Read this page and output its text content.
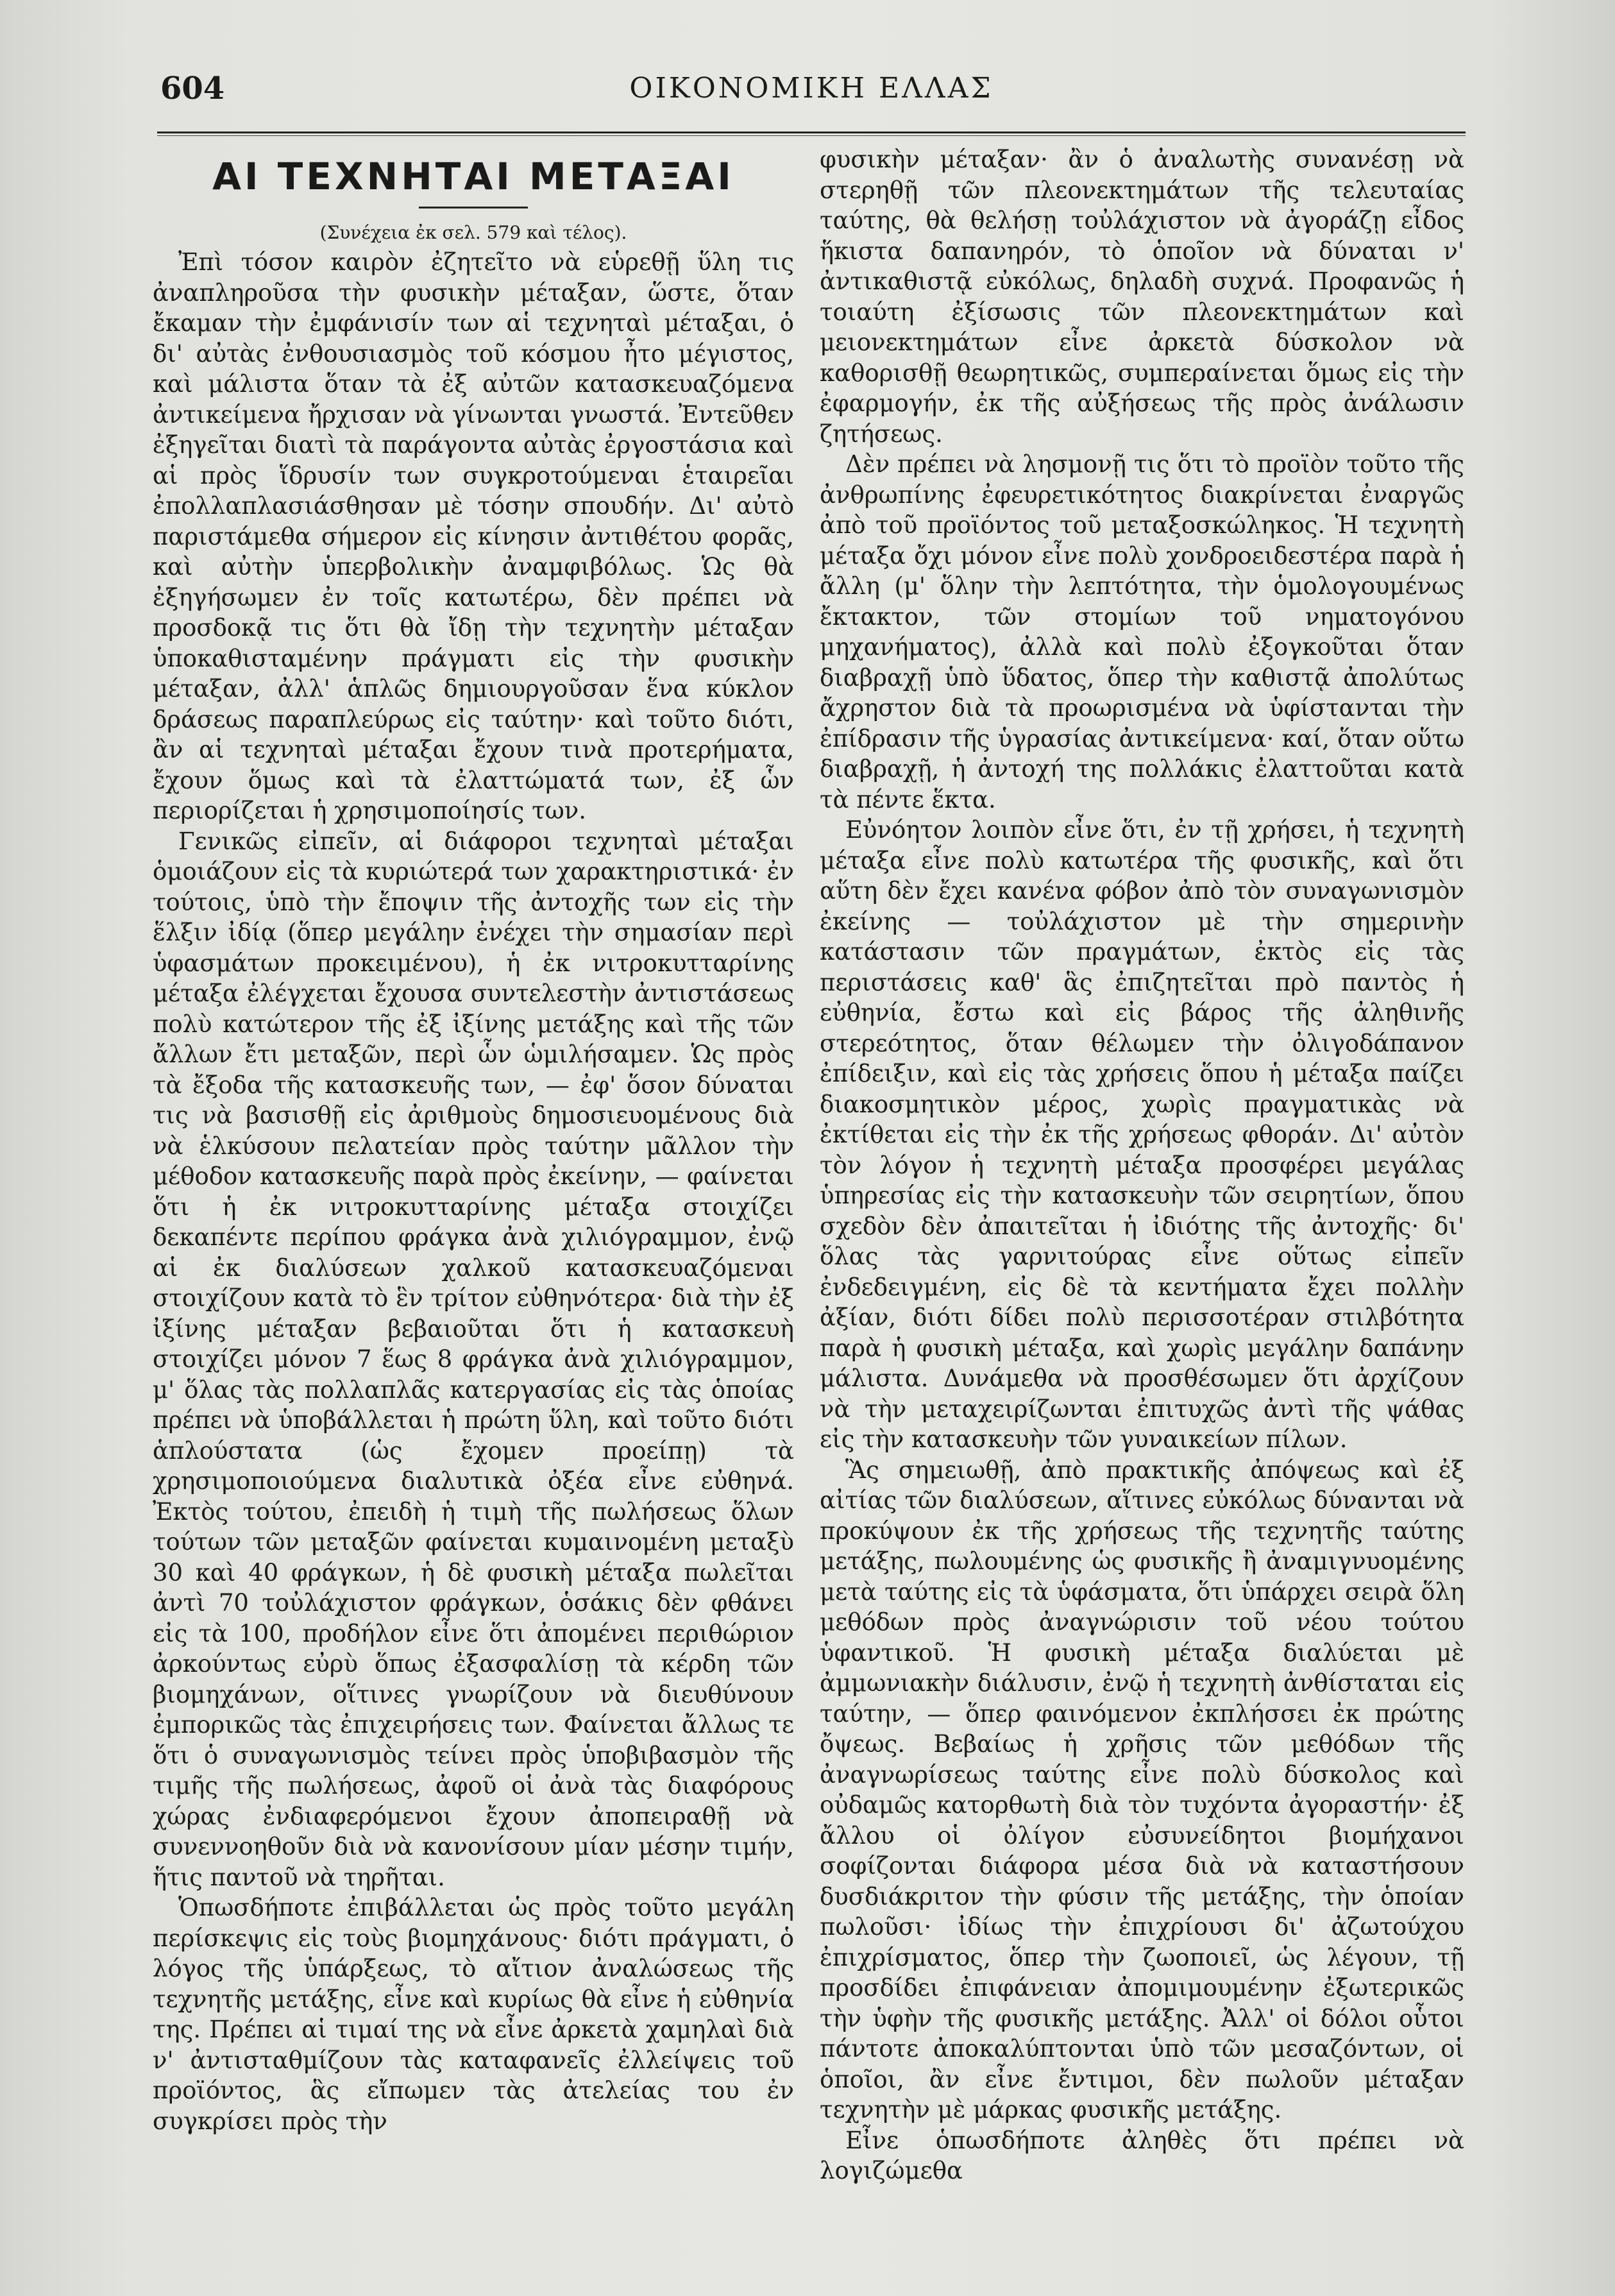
604	ΟΙΚΟΝΟΜΙΚΗ ΕΛΛΑΣ
ΑΙ ΤΕΧΝΗΤΑΙ ΜΕΤΑΞΑΙ
(Συνέχεια ἐκ σελ. 579 καὶ τέλος).

Ἐπὶ τόσον καιρὸν ἐζητεῖτο νὰ εὑρεθῇ ὕλη τις ἀναπληροῦσα τὴν φυσικὴν μέταξαν, ὥστε, ὅταν ἔκαμαν τὴν ἐμφάνισίν των αἱ τεχνηταὶ μέταξαι, ὁ δι' αὐτὰς ἐνθουσιασμὸς τοῦ κόσμου ἦτο μέγιστος, καὶ μάλιστα ὅταν τὰ ἐξ αὐτῶν κατασκευαζόμενα ἀντικείμενα ἤρχισαν νὰ γίνωνται γνωστά. Ἐντεῦθεν ἐξηγεῖται διατὶ τὰ παράγοντα αὐτὰς ἐργοστάσια καὶ αἱ πρὸς ἵδρυσίν των συγκροτούμεναι ἑταιρεῖαι ἐπολλαπλασιάσθησαν μὲ τόσην σπουδήν. Δι' αὐτὸ παριστάμεθα σήμερον εἰς κίνησιν ἀντιθέτου φορᾶς, καὶ αὐτὴν ὑπερβολικὴν ἀναμφιβόλως. Ὡς θὰ ἐξηγήσωμεν ἐν τοῖς κατωτέρω, δὲν πρέπει νὰ προσδοκᾷ τις ὅτι θὰ ἴδῃ τὴν τεχνητὴν μέταξαν ὑποκαθισταμένην πράγματι εἰς τὴν φυσικὴν μέταξαν, ἀλλ' ἁπλῶς δημιουργοῦσαν ἕνα κύκλον δράσεως παραπλεύρως εἰς ταύτην· καὶ τοῦτο διότι, ἂν αἱ τεχνηταὶ μέταξαι ἔχουν τινὰ προτερήματα, ἔχουν ὅμως καὶ τὰ ἐλαττώματά των, ἐξ ὧν περιορίζεται ἡ χρησιμοποίησίς των.

Γενικῶς εἰπεῖν, αἱ διάφοροι τεχνηταὶ μέταξαι ὁμοιάζουν εἰς τὰ κυριώτερά των χαρακτηριστικά· ἐν τούτοις, ὑπὸ τὴν ἔποψιν τῆς ἀντοχῆς των εἰς τὴν ἕλξιν ἰδίᾳ (ὅπερ μεγάλην ἐνέχει τὴν σημασίαν περὶ ὑφασμάτων προκειμένου), ἡ ἐκ νιτροκυτταρίνης μέταξα ἐλέγχεται ἔχουσα συντελεστὴν ἀντιστάσεως πολὺ κατώτερον τῆς ἐξ ἰξίνης μετάξης καὶ τῆς τῶν ἄλλων ἔτι μεταξῶν, περὶ ὧν ὡμιλήσαμεν. Ὡς πρὸς τὰ ἔξοδα τῆς κατασκευῆς των, — ἐφ' ὅσον δύναται τις νὰ βασισθῇ εἰς ἀριθμοὺς δημοσιευομένους διὰ νὰ ἑλκύσουν πελατείαν πρὸς ταύτην μᾶλλον τὴν μέθοδον κατασκευῆς παρὰ πρὸς ἐκείνην, — φαίνεται ὅτι ἡ ἐκ νιτροκυτταρίνης μέταξα στοιχίζει δεκαπέντε περίπου φράγκα ἀνὰ χιλιόγραμμον, ἐνῷ αἱ ἐκ διαλύσεων χαλκοῦ κατασκευαζόμεναι στοιχίζουν κατὰ τὸ ἓν τρίτον εὐθηνότερα· διὰ τὴν ἐξ ἰξίνης μέταξαν βεβαιοῦται ὅτι ἡ κατασκευὴ στοιχίζει μόνον 7 ἕως 8 φράγκα ἀνὰ χιλιόγραμμον, μ' ὅλας τὰς πολλαπλᾶς κατεργασίας εἰς τὰς ὁποίας πρέπει νὰ ὑποβάλλεται ἡ πρώτη ὕλη, καὶ τοῦτο διότι ἁπλούστατα (ὡς ἔχομεν προείπῃ) τὰ χρησιμοποιούμενα διαλυτικὰ ὀξέα εἶνε εὐθηνά. Ἐκτὸς τούτου, ἐπειδὴ ἡ τιμὴ τῆς πωλήσεως ὅλων τούτων τῶν μεταξῶν φαίνεται κυμαινομένη μεταξὺ 30 καὶ 40 φράγκων, ἡ δὲ φυσικὴ μέταξα πωλεῖται ἀντὶ 70 τοὐλάχιστον φράγκων, ὁσάκις δὲν φθάνει εἰς τὰ 100, προδήλον εἶνε ὅτι ἀπομένει περιθώριον ἀρκούντως εὐρὺ ὅπως ἐξασφαλίσῃ τὰ κέρδη τῶν βιομηχάνων, οἵτινες γνωρίζουν νὰ διευθύνουν ἐμπορικῶς τὰς ἐπιχειρήσεις των. Φαίνεται ἄλλως τε ὅτι ὁ συναγωνισμὸς τείνει πρὸς ὑποβιβασμὸν τῆς τιμῆς τῆς πωλήσεως, ἀφοῦ οἱ ἀνὰ τὰς διαφόρους χώρας ἐνδιαφερόμενοι ἔχουν ἀποπειραθῇ νὰ συνεννοηθοῦν διὰ νὰ κανονίσουν μίαν μέσην τιμήν, ἥτις παντοῦ νὰ τηρῆται.

Ὁπωσδήποτε ἐπιβάλλεται ὡς πρὸς τοῦτο μεγάλη περίσκεψις εἰς τοὺς βιομηχάνους· διότι πράγματι, ὁ λόγος τῆς ὑπάρξεως, τὸ αἴτιον ἀναλώσεως τῆς τεχνητῆς μετάξης, εἶνε καὶ κυρίως θὰ εἶνε ἡ εὐθηνία της. Πρέπει αἱ τιμαί της νὰ εἶνε ἀρκετὰ χαμηλαὶ διὰ ν' ἀντισταθμίζουν τὰς καταφανεῖς ἐλλείψεις τοῦ προϊόντος, ἃς εἴπωμεν τὰς ἀτελείας του ἐν συγκρίσει πρὸς τὴν

φυσικὴν μέταξαν· ἂν ὁ ἀναλωτὴς συνανέσῃ νὰ στερηθῇ τῶν πλεονεκτημάτων τῆς τελευταίας ταύτης, θὰ θελήσῃ τοὐλάχιστον νὰ ἀγοράζῃ εἶδος ἥκιστα δαπανηρόν, τὸ ὁποῖον νὰ δύναται ν' ἀντικαθιστᾷ εὐκόλως, δηλαδὴ συχνά. Προφανῶς ἡ τοιαύτη ἐξίσωσις τῶν πλεονεκτημάτων καὶ μειονεκτημάτων εἶνε ἀρκετὰ δύσκολον νὰ καθορισθῇ θεωρητικῶς, συμπεραίνεται ὅμως εἰς τὴν ἐφαρμογήν, ἐκ τῆς αὐξήσεως τῆς πρὸς ἀνάλωσιν ζητήσεως.

Δὲν πρέπει νὰ λησμονῇ τις ὅτι τὸ προϊὸν τοῦτο τῆς ἀνθρωπίνης ἐφευρετικότητος διακρίνεται ἐναργῶς ἀπὸ τοῦ προϊόντος τοῦ μεταξοσκώληκος. Ἡ τεχνητὴ μέταξα ὄχι μόνον εἶνε πολὺ χονδροειδεστέρα παρὰ ἡ ἄλλη (μ' ὅλην τὴν λεπτότητα, τὴν ὁμολογουμένως ἔκτακτον, τῶν στομίων τοῦ νηματογόνου μηχανήματος), ἀλλὰ καὶ πολὺ ἐξογκοῦται ὅταν διαβραχῇ ὑπὸ ὕδατος, ὅπερ τὴν καθιστᾷ ἀπολύτως ἄχρηστον διὰ τὰ προωρισμένα νὰ ὑφίστανται τὴν ἐπίδρασιν τῆς ὑγρασίας ἀντικείμενα· καί, ὅταν οὕτω διαβραχῇ, ἡ ἀντοχή της πολλάκις ἐλαττοῦται κατὰ τὰ πέντε ἕκτα.

Εὐνόητον λοιπὸν εἶνε ὅτι, ἐν τῇ χρήσει, ἡ τεχνητὴ μέταξα εἶνε πολὺ κατωτέρα τῆς φυσικῆς, καὶ ὅτι αὕτη δὲν ἔχει κανένα φόβον ἀπὸ τὸν συναγωνισμὸν ἐκείνης — τοὐλάχιστον μὲ τὴν σημερινὴν κατάστασιν τῶν πραγμάτων, ἐκτὸς εἰς τὰς περιστάσεις καθ' ἃς ἐπιζητεῖται πρὸ παντὸς ἡ εὐθηνία, ἔστω καὶ εἰς βάρος τῆς ἀληθινῆς στερεότητος, ὅταν θέλωμεν τὴν ὀλιγοδάπανον ἐπίδειξιν, καὶ εἰς τὰς χρήσεις ὅπου ἡ μέταξα παίζει διακοσμητικὸν μέρος, χωρὶς πραγματικὰς νὰ ἐκτίθεται εἰς τὴν ἐκ τῆς χρήσεως φθοράν. Δι' αὐτὸν τὸν λόγον ἡ τεχνητὴ μέταξα προσφέρει μεγάλας ὑπηρεσίας εἰς τὴν κατασκευὴν τῶν σειρητίων, ὅπου σχεδὸν δὲν ἀπαιτεῖται ἡ ἰδιότης τῆς ἀντοχῆς· δι' ὅλας τὰς γαρνιτούρας εἶνε οὕτως εἰπεῖν ἐνδεδειγμένη, εἰς δὲ τὰ κεντήματα ἔχει πολλὴν ἀξίαν, διότι δίδει πολὺ περισσοτέραν στιλβότητα παρὰ ἡ φυσικὴ μέταξα, καὶ χωρὶς μεγάλην δαπάνην μάλιστα. Δυνάμεθα νὰ προσθέσωμεν ὅτι ἀρχίζουν νὰ τὴν μεταχειρίζωνται ἐπιτυχῶς ἀντὶ τῆς ψάθας εἰς τὴν κατασκευὴν τῶν γυναικείων πίλων.

Ἃς σημειωθῇ, ἀπὸ πρακτικῆς ἀπόψεως καὶ ἐξ αἰτίας τῶν διαλύσεων, αἵτινες εὐκόλως δύνανται νὰ προκύψουν ἐκ τῆς χρήσεως τῆς τεχνητῆς ταύτης μετάξης, πωλουμένης ὡς φυσικῆς ἢ ἀναμιγνυομένης μετὰ ταύτης εἰς τὰ ὑφάσματα, ὅτι ὑπάρχει σειρὰ ὅλη μεθόδων πρὸς ἀναγνώρισιν τοῦ νέου τούτου ὑφαντικοῦ. Ἡ φυσικὴ μέταξα διαλύεται μὲ ἀμμωνιακὴν διάλυσιν, ἐνῷ ἡ τεχνητὴ ἀνθίσταται εἰς ταύτην, — ὅπερ φαινόμενον ἐκπλήσσει ἐκ πρώτης ὄψεως. Βεβαίως ἡ χρῆσις τῶν μεθόδων τῆς ἀναγνωρίσεως ταύτης εἶνε πολὺ δύσκολος καὶ οὐδαμῶς κατορθωτὴ διὰ τὸν τυχόντα ἀγοραστήν· ἐξ ἄλλου οἱ ὀλίγον εὐσυνείδητοι βιομήχανοι σοφίζονται διάφορα μέσα διὰ νὰ καταστήσουν δυσδιάκριτον τὴν φύσιν τῆς μετάξης, τὴν ὁποίαν πωλοῦσι· ἰδίως τὴν ἐπιχρίουσι δι' ἀζωτούχου ἐπιχρίσματος, ὅπερ τὴν ζωοποιεῖ, ὡς λέγουν, τῇ προσδίδει ἐπιφάνειαν ἀπομιμουμένην ἐξωτερικῶς τὴν ὑφὴν τῆς φυσικῆς μετάξης. Ἀλλ' οἱ δόλοι οὗτοι πάντοτε ἀποκαλύπτονται ὑπὸ τῶν μεσαζόντων, οἱ ὁποῖοι, ἂν εἶνε ἔντιμοι, δὲν πωλοῦν μέταξαν τεχνητὴν μὲ μάρκας φυσικῆς μετάξης.

Εἶνε ὁπωσδήποτε ἀληθὲς ὅτι πρέπει νὰ λογιζώμεθα
